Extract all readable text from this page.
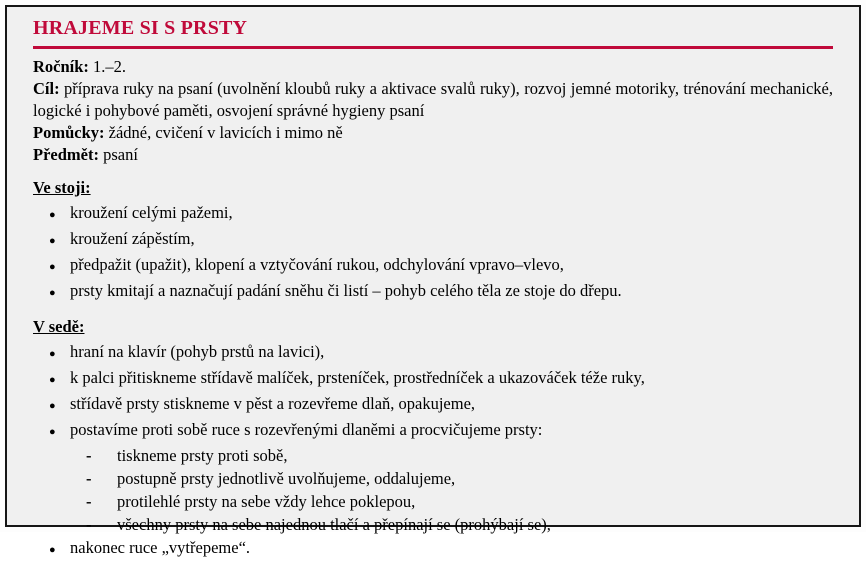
HRAJEME SI S PRSTY

Ročník: 1.–2.

Cíl: příprava ruky na psaní (uvolnění kloubů ruky a aktivace svalů ruky), rozvoj jemné motoriky, trénování mechanické, logické i pohybové paměti, osvojení správné hygieny psaní

Pomůcky: žádné, cvičení v lavicích i mimo ně

Předmět: psaní

Ve stoji:

● kroužení celými pažemi,
● kroužení zápěstím,
● předpažit (upažit), klopení a vztyčování rukou, odchylování vpravo–vlevo,
● prsty kmitají a naznačují padání sněhu či listí – pohyb celého těla ze stoje do dřepu.

V sedě:

● hraní na klavír (pohyb prstů na lavici),
● k palci přitiskneme střídavě malíček, prsteníček, prostředníček a ukazováček téže ruky,
● střídavě prsty stiskneme v pěst a rozevřeme dlaň, opakujeme,
● postavíme proti sobě ruce s rozevřenými dlaněmi a procvičujeme prsty:
-	tiskneme prsty proti sobě,
-	postupně prsty jednotlivě uvolňujeme, oddalujeme,
-	protilehlé prsty na sebe vždy lehce poklepou,
-	všechny prsty na sebe najednou tlačí a přepínají se (prohýbají se),
● nakonec ruce „vytřepeme“.
